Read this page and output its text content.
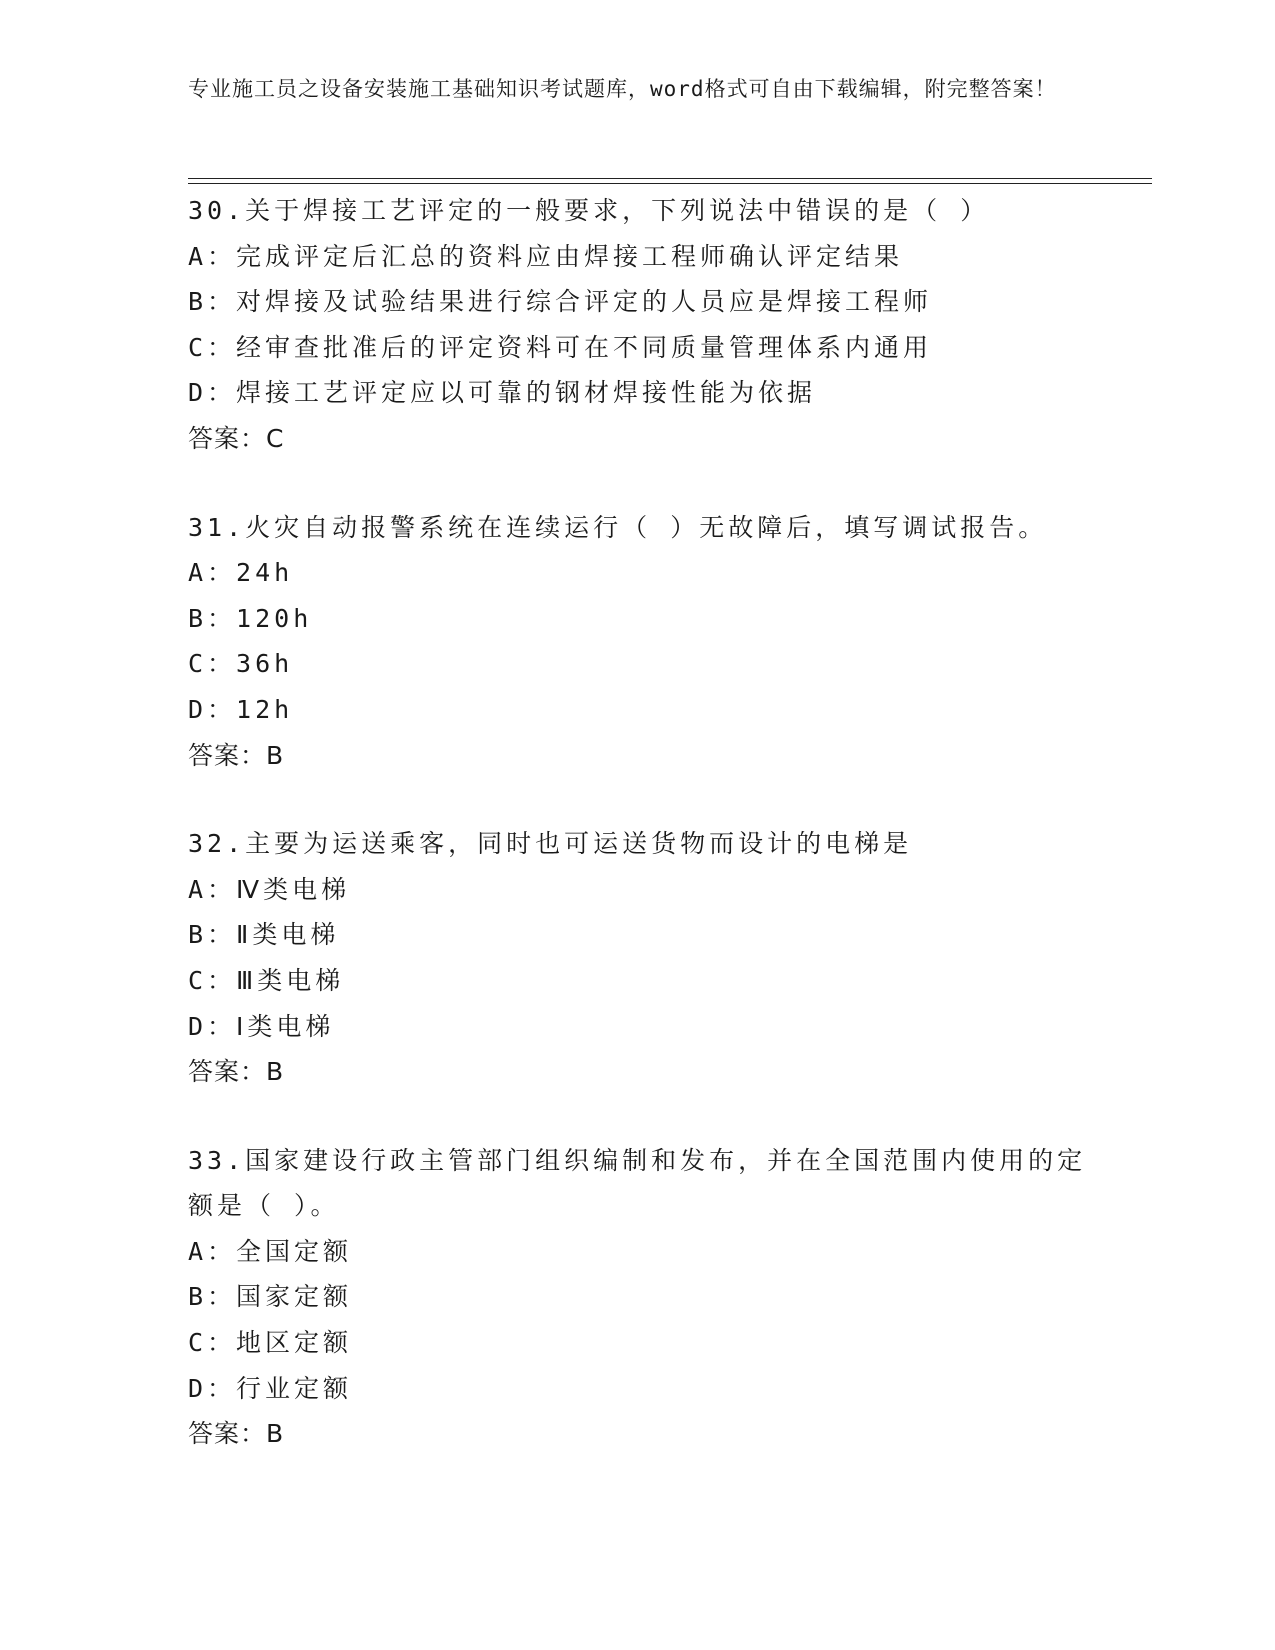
专业施工员之设备安装施工基础知识考试题库，word格式可自由下载编辑，附完整答案！
30.关于焊接工艺评定的一般要求，下列说法中错误的是（ ）
A：完成评定后汇总的资料应由焊接工程师确认评定结果
B：对焊接及试验结果进行综合评定的人员应是焊接工程师
C：经审查批准后的评定资料可在不同质量管理体系内通用
D：焊接工艺评定应以可靠的钢材焊接性能为依据
答案：C
31.火灾自动报警系统在连续运行（ ）无故障后，填写调试报告。
A：24h
B：120h
C：36h
D：12h
答案：B
32.主要为运送乘客，同时也可运送货物而设计的电梯是
A：Ⅳ类电梯
B：Ⅱ类电梯
C：Ⅲ类电梯
D：Ⅰ类电梯
答案：B
33.国家建设行政主管部门组织编制和发布，并在全国范围内使用的定额是（ ）。
A：全国定额
B：国家定额
C：地区定额
D：行业定额
答案：B
